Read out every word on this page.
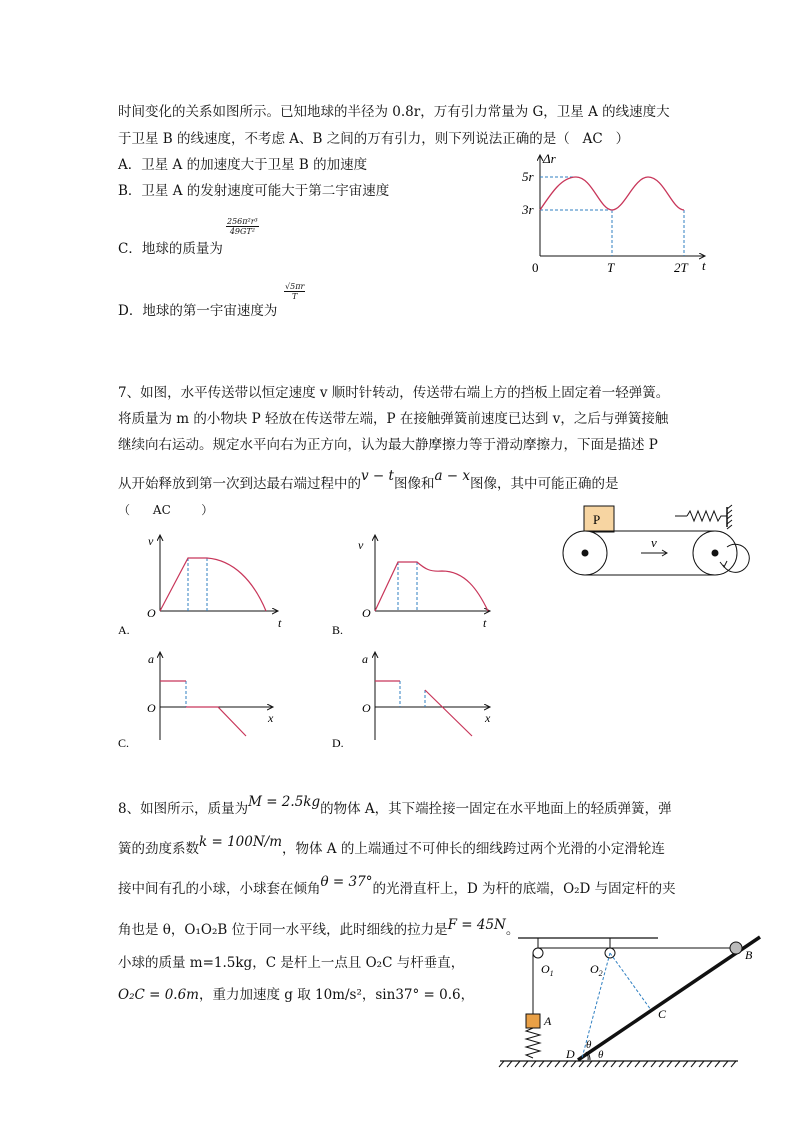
时间变化的关系如图所示。已知地球的半径为 0.8r，万有引力常量为 G，卫星 A 的线速度大
于卫星 B 的线速度，不考虑 A、B 之间的万有引力，则下列说法正确的是（ AC ）
A．卫星 A 的加速度大于卫星 B 的加速度
B．卫星 A 的发射速度可能大于第二宇宙速度
C．地球的质量为
$\frac{\text{256π²r³}}{\text{49GT²}}$
D．地球的第一宇宙速度为
$\frac{√5\pi r}{T}$
Δr
5r
3r
0	T	2T t
7、如图，水平传送带以恒定速度 v 顺时针转动，传送带右端上方的挡板上固定着一轻弹簧。
将质量为 m 的小物块 P 轻放在传送带左端，P 在接触弹簧前速度已达到 v，之后与弹簧接触
继续向右运动。规定水平向右为正方向，认为最大静摩擦力等于滑动摩擦力，下面是描述 P
从开始释放到第一次到达最右端过程中的v − t图像和a − x图像，其中可能正确的是
（ AC	）
P
v
v
O
t
A.
v
O
t
B.
a
O
x
C.
a
O
x
D.
8、如图所示，质量为M = 2.5kg的物体 A，其下端拴接一固定在水平地面上的轻质弹簧，弹
簧的劲度系数k = 100N/m，物体 A 的上端通过不可伸长的细线跨过两个光滑的小定滑轮连
接中间有孔的小球，小球套在倾角θ = 37°的光滑直杆上，D 为杆的底端，O₂D 与固定杆的夹
角也是 θ，O₁O₂B 位于同一水平线，此时细线的拉力是F = 45N。
小球的质量 m=1.5kg，C 是杆上一点且 O₂C 与杆垂直，
O₂C = 0.6m，重力加速度 g 取 10m/s²，sin37° = 0.6，
$O_1$	$O_2$
A
B
C
D
θ
θ
